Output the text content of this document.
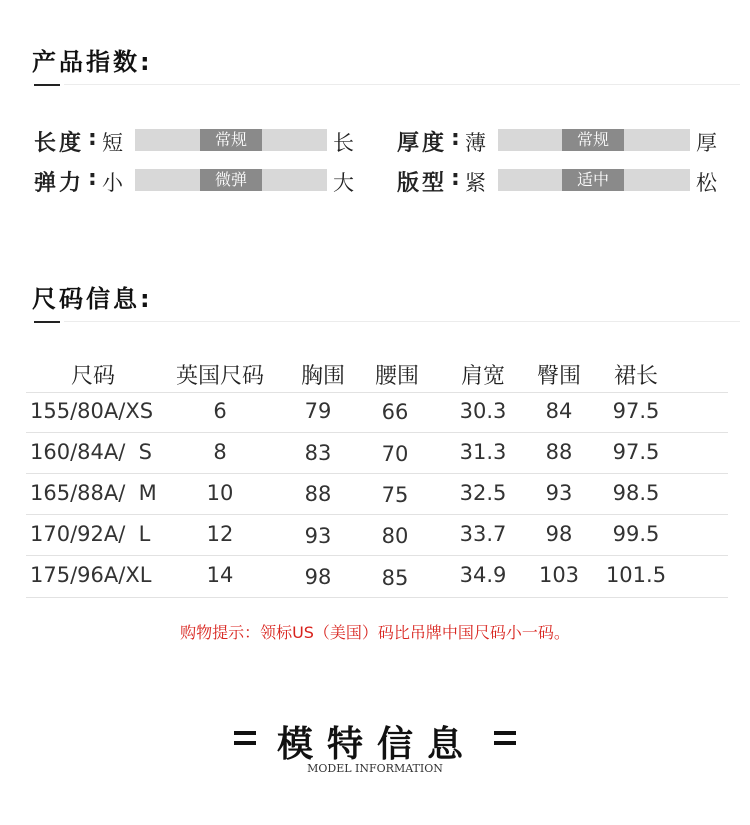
产品指数:
长度 : 短	常规	长 厚度 : 薄	常规	厚
弹力 : 小	微弹	大 版型 : 紧	适中	松
尺码信息:
尺码	英国尺码	胸围	腰围	肩宽	臀围	裙长
155/80A/XS	6	79	66	30.3	84	97.5
160/84A/  S	8	83	70	31.3	88	97.5
165/88A/  M	10	88	75	32.5	93	98.5
170/92A/  L	12	93	80	33.7	98	99.5
175/96A/XL	14	98	85	34.9	103	101.5
购物提示：领标US（美国）码比吊牌中国尺码小一码。
模特信息
MODEL INFORMATION
